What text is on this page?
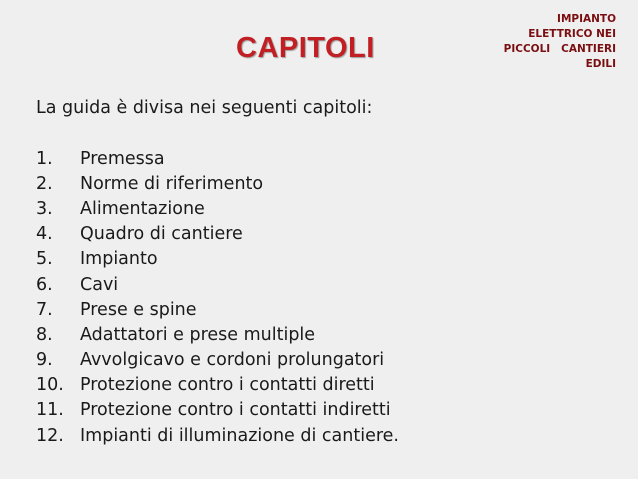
CAPITOLI
IMPIANTO
ELETTRICO NEI
PICCOLI   CANTIERI
EDILI
La guida è divisa nei seguenti capitoli:
1.	Premessa
2.	Norme di riferimento
3.	Alimentazione
4.	Quadro di cantiere
5.	Impianto
6.	Cavi
7.	Prese e spine
8.	Adattatori e prese multiple
9.	Avvolgicavo e cordoni prolungatori
10. Protezione contro i contatti diretti
11. Protezione contro i contatti indiretti
12. Impianti di illuminazione di cantiere.
